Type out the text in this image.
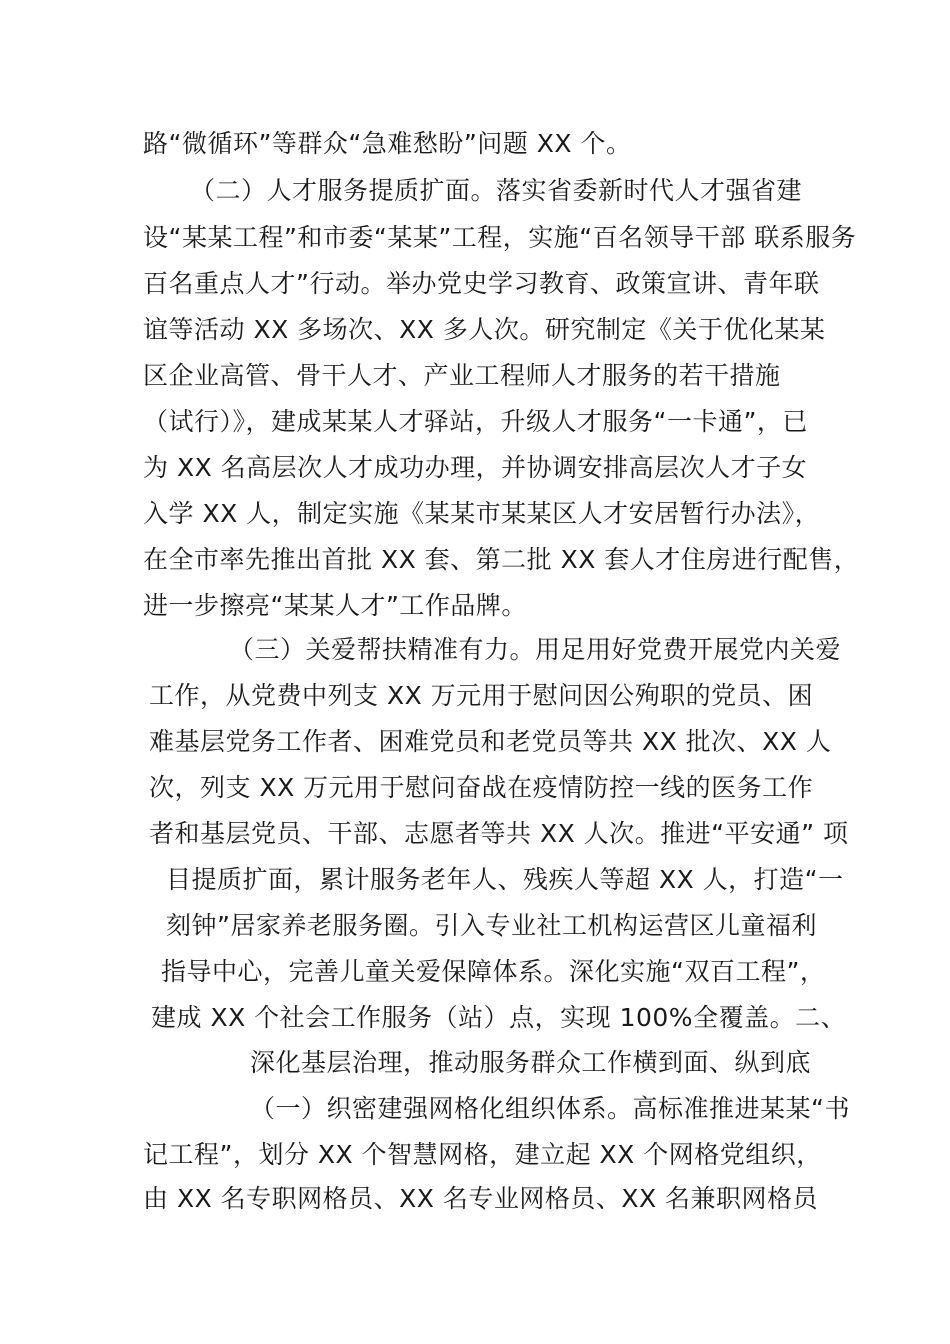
路“微循环”等群众“急难愁盼”问题 XX 个。
（二）人才服务提质扩面。落实省委新时代人才强省建
设“某某工程”和市委“某某”工程，实施“百名领导干部 联系服务
百名重点人才”行动。举办党史学习教育、政策宣讲、青年联
谊等活动 XX 多场次、XX 多人次。研究制定《关于优化某某
区企业高管、骨干人才、产业工程师人才服务的若干措施
（试行）》，建成某某人才驿站，升级人才服务“一卡通”，已
为 XX 名高层次人才成功办理，并协调安排高层次人才子女
入学 XX 人，制定实施《某某市某某区人才安居暂行办法》，
在全市率先推出首批 XX 套、第二批 XX 套人才住房进行配售，
进一步擦亮“某某人才”工作品牌。
（三）关爱帮扶精准有力。用足用好党费开展党内关爱
工作，从党费中列支 XX 万元用于慰问因公殉职的党员、困
难基层党务工作者、困难党员和老党员等共 XX 批次、XX 人
次，列支 XX 万元用于慰问奋战在疫情防控一线的医务工作
者和基层党员、干部、志愿者等共 XX 人次。推进“平安通” 项
目提质扩面，累计服务老年人、残疾人等超 XX 人，打造“一
刻钟”居家养老服务圈。引入专业社工机构运营区儿童福利
指导中心，完善儿童关爱保障体系。深化实施“双百工程”，
建成 XX 个社会工作服务（站）点，实现 100%全覆盖。二、
深化基层治理，推动服务群众工作横到面、纵到底
（一）织密建强网格化组织体系。高标准推进某某“书
记工程”，划分 XX 个智慧网格，建立起 XX 个网格党组织，
由 XX 名专职网格员、XX 名专业网格员、XX 名兼职网格员
